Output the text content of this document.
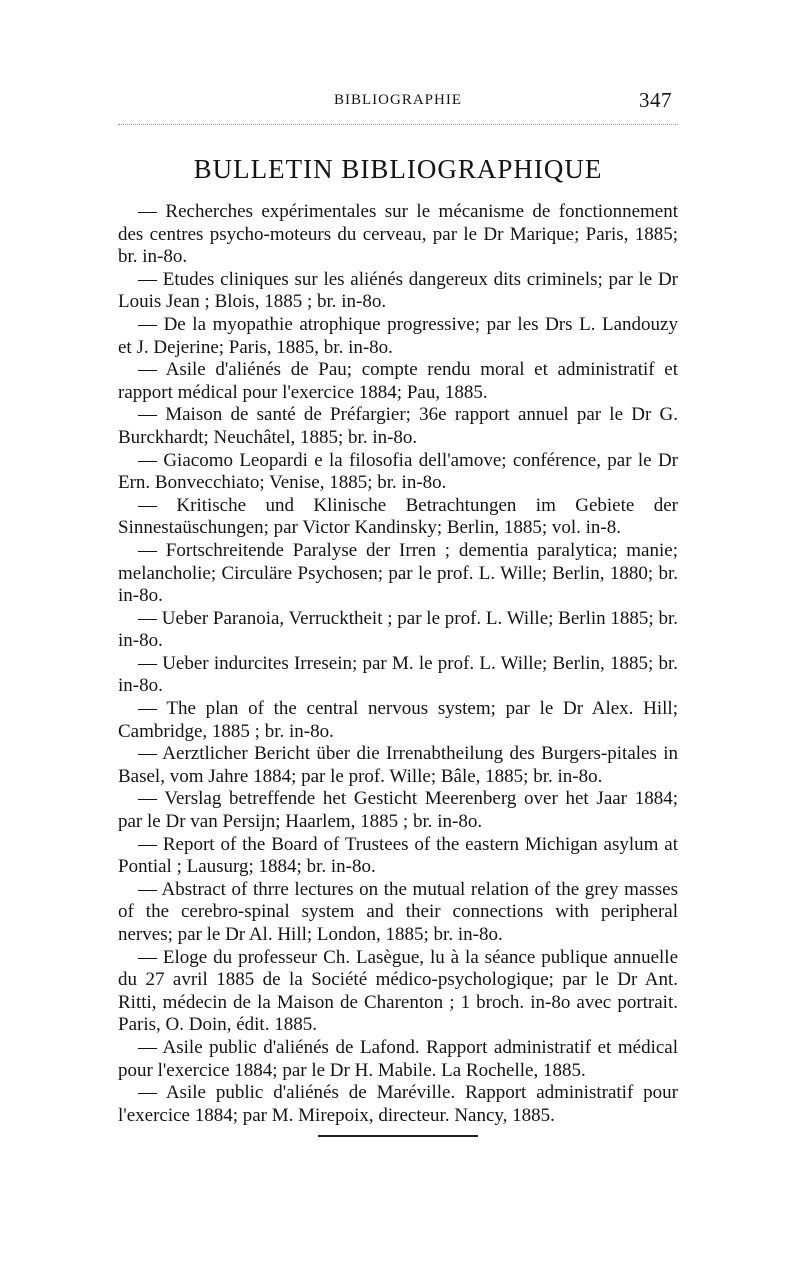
BIBLIOGRAPHIE	347
BULLETIN BIBLIOGRAPHIQUE

— Recherches expérimentales sur le mécanisme de fonctionnement des centres psycho-moteurs du cerveau, par le Dr Marique; Paris, 1885; br. in-8o.

— Etudes cliniques sur les aliénés dangereux dits criminels; par le Dr Louis Jean ; Blois, 1885 ; br. in-8o.

— De la myopathie atrophique progressive; par les Drs L. Landouzy et J. Dejerine; Paris, 1885, br. in-8o.

— Asile d'aliénés de Pau; compte rendu moral et administratif et rapport médical pour l'exercice 1884; Pau, 1885.

— Maison de santé de Préfargier; 36e rapport annuel par le Dr G. Burckhardt; Neuchâtel, 1885; br. in-8o.

— Giacomo Leopardi e la filosofia dell'amove; conférence, par le Dr Ern. Bonvecchiato; Venise, 1885; br. in-8o.

— Kritische und Klinische Betrachtungen im Gebiete der Sinnestaüschungen; par Victor Kandinsky; Berlin, 1885; vol. in-8.

— Fortschreitende Paralyse der Irren ; dementia paralytica; manie; melancholie; Circuläre Psychosen; par le prof. L. Wille; Berlin, 1880; br. in-8o.

— Ueber Paranoia, Verrucktheit ; par le prof. L. Wille; Berlin 1885; br. in-8o.

— Ueber indurcites Irresein; par M. le prof. L. Wille; Berlin, 1885; br. in-8o.

— The plan of the central nervous system; par le Dr Alex. Hill; Cambridge, 1885 ; br. in-8o.

— Aerztlicher Bericht über die Irrenabtheilung des Burgers-pitales in Basel, vom Jahre 1884; par le prof. Wille; Bâle, 1885; br. in-8o.

— Verslag betreffende het Gesticht Meerenberg over het Jaar 1884; par le Dr van Persijn; Haarlem, 1885 ; br. in-8o.

— Report of the Board of Trustees of the eastern Michigan asylum at Pontial ; Lausurg; 1884; br. in-8o.

— Abstract of thrre lectures on the mutual relation of the grey masses of the cerebro-spinal system and their connections with peripheral nerves; par le Dr Al. Hill; London, 1885; br. in-8o.

— Eloge du professeur Ch. Lasègue, lu à la séance publique annuelle du 27 avril 1885 de la Société médico-psychologique; par le Dr Ant. Ritti, médecin de la Maison de Charenton ; 1 broch. in-8o avec portrait. Paris, O. Doin, édit. 1885.

— Asile public d'aliénés de Lafond. Rapport administratif et médical pour l'exercice 1884; par le Dr H. Mabile. La Rochelle, 1885.

— Asile public d'aliénés de Maréville. Rapport administratif pour l'exercice 1884; par M. Mirepoix, directeur. Nancy, 1885.
